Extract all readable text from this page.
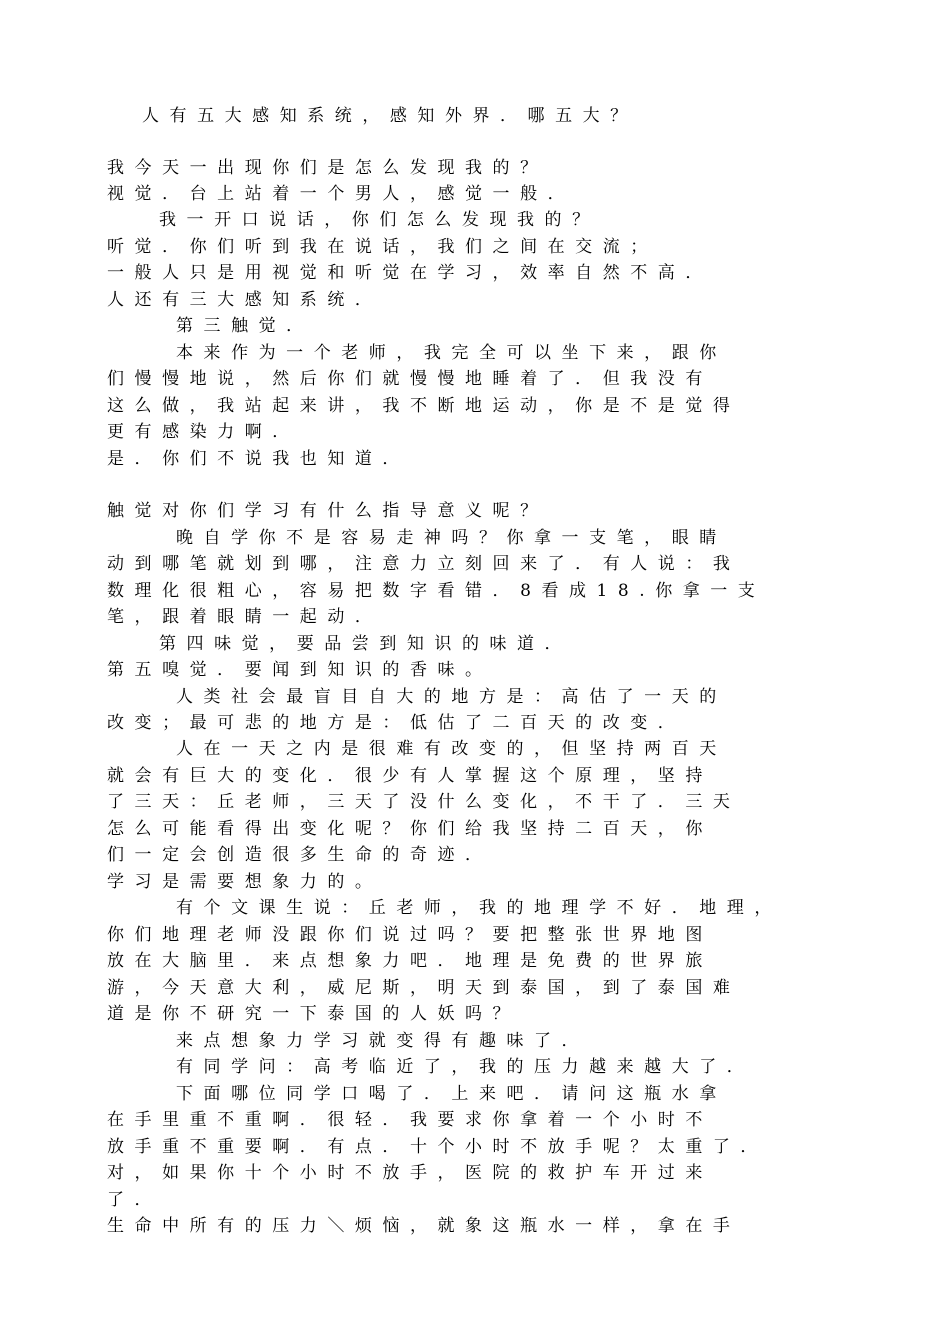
人有五大感知系统，感知外界．哪五大？
我今天一出现你们是怎么发现我的？
视觉．台上站着一个男人，感觉一般．
我一开口说话，你们怎么发现我的？
听觉．你们听到我在说话，我们之间在交流；
一般人只是用视觉和听觉在学习，效率自然不高．
人还有三大感知系统．
第三触觉．
本来作为一个老师，我完全可以坐下来，跟你
们慢慢地说，然后你们就慢慢地睡着了．但我没有
这么做，我站起来讲，我不断地运动，你是不是觉得
更有感染力啊．
是．你们不说我也知道．
触觉对你们学习有什么指导意义呢？
晚自学你不是容易走神吗？你拿一支笔，眼睛
动到哪笔就划到哪，注意力立刻回来了．有人说：我
数理化很粗心，容易把数字看错．8看成18.你拿一支
笔，跟着眼睛一起动．
第四味觉，要品尝到知识的味道．
第五嗅觉．要闻到知识的香味。
人类社会最盲目自大的地方是：高估了一天的
改变；最可悲的地方是：低估了二百天的改变．
人在一天之内是很难有改变的，但坚持两百天
就会有巨大的变化．很少有人掌握这个原理，坚持
了三天：丘老师，三天了没什么变化，不干了．三天
怎么可能看得出变化呢？你们给我坚持二百天，你
们一定会创造很多生命的奇迹．
学习是需要想象力的。
有个文课生说：丘老师，我的地理学不好．地理，
你们地理老师没跟你们说过吗？要把整张世界地图
放在大脑里．来点想象力吧．地理是免费的世界旅
游，今天意大利，威尼斯，明天到泰国，到了泰国难
道是你不研究一下泰国的人妖吗？
来点想象力学习就变得有趣味了．
有同学问：高考临近了，我的压力越来越大了．
下面哪位同学口喝了．上来吧．请问这瓶水拿
在手里重不重啊．很轻．我要求你拿着一个小时不
放手重不重要啊．有点．十个小时不放手呢？太重了．
对，如果你十个小时不放手，医院的救护车开过来
了．
生命中所有的压力＼烦恼，就象这瓶水一样，拿在手
